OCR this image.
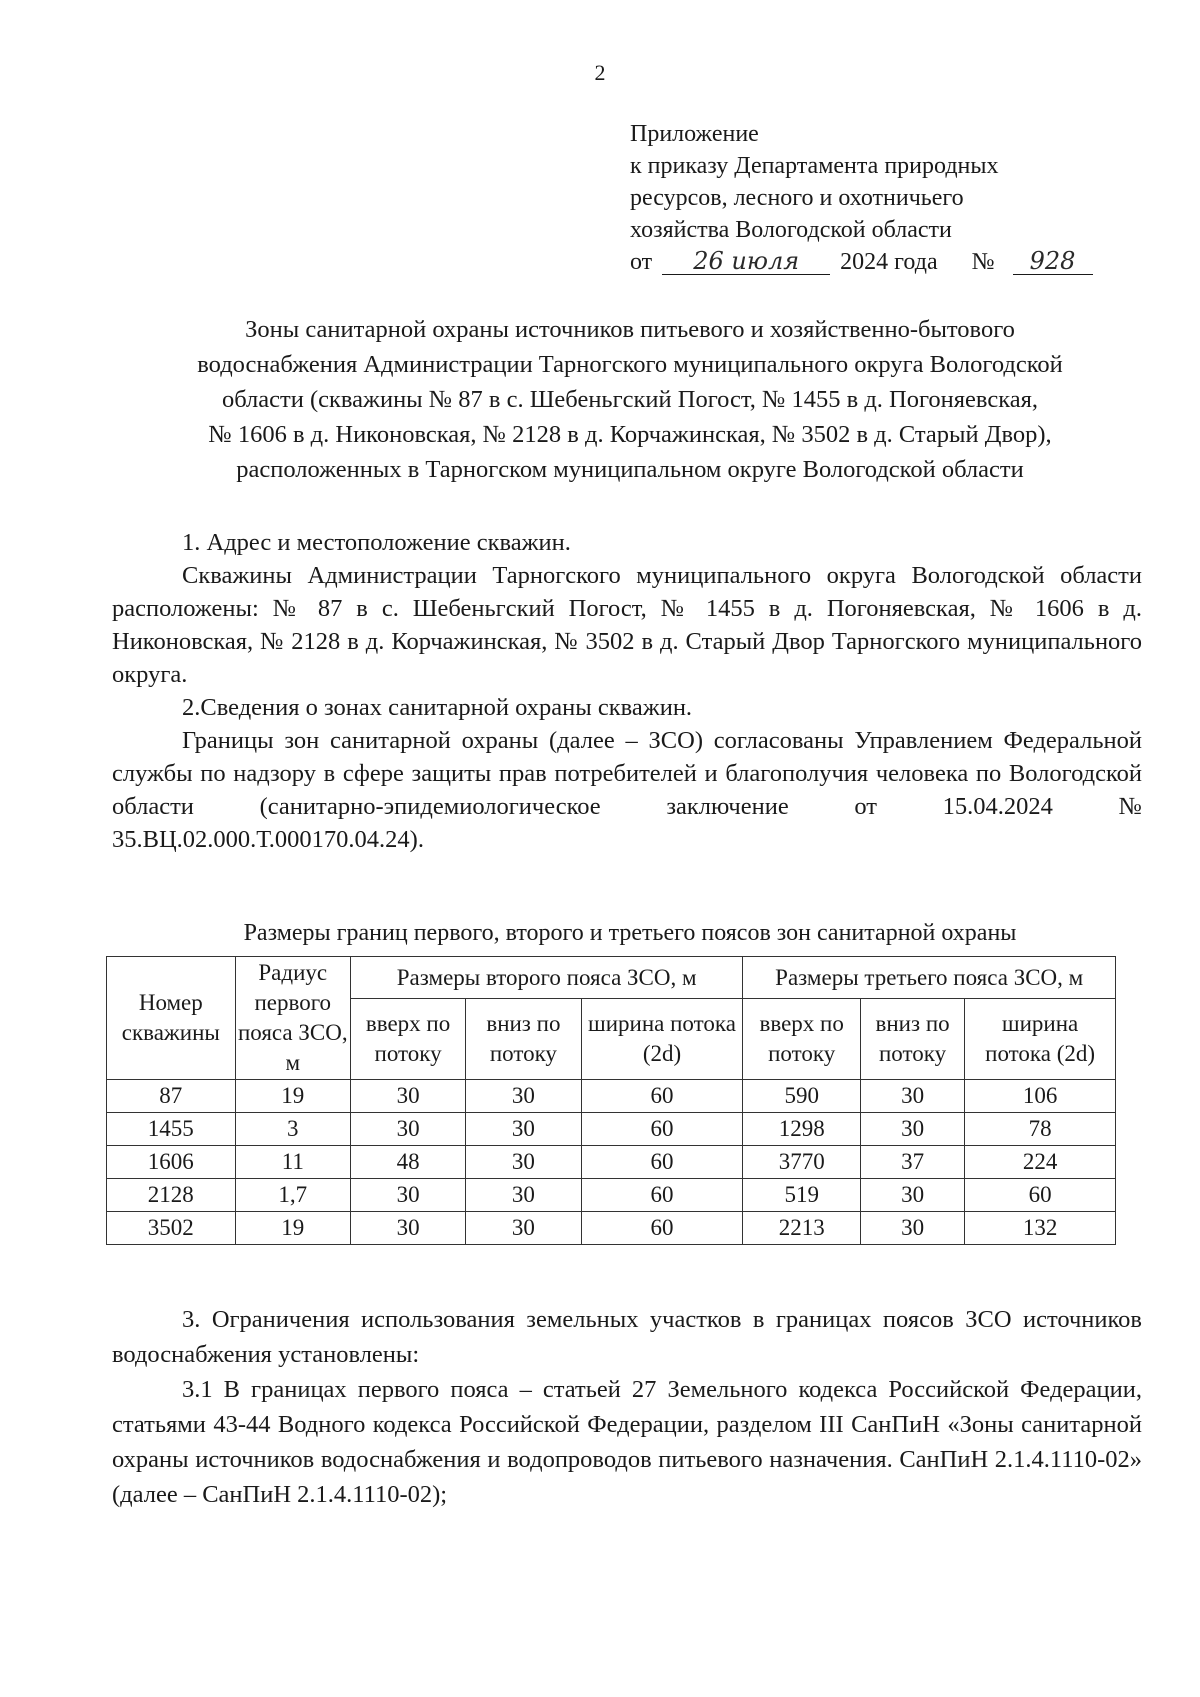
2
Приложение
к приказу Департамента природных
ресурсов, лесного и охотничьего
хозяйства Вологодской области
от 26 июля 2024 года № 928
Зоны санитарной охраны источников питьевого и хозяйственно-бытового
водоснабжения Администрации Тарногского муниципального округа Вологодской
области (скважины № 87 в с. Шебеньгский Погост, № 1455 в д. Погоняевская,
№ 1606 в д. Никоновская, № 2128 в д. Корчажинская, № 3502 в д. Старый Двор),
расположенных в Тарногском муниципальном округе Вологодской области

1. Адрес и местоположение скважин.

Скважины Администрации Тарногского муниципального округа Вологодской области расположены: № 87 в с. Шебеньгский Погост, № 1455 в д. Погоняевская, № 1606 в д. Никоновская, № 2128 в д. Корчажинская, № 3502 в д. Старый Двор Тарногского муниципального округа.

2.Сведения о зонах санитарной охраны скважин.

Границы зон санитарной охраны (далее – ЗСО) согласованы Управлением Федеральной службы по надзору в сфере защиты прав потребителей и благополучия человека по Вологодской области (санитарно-эпидемиологическое заключение от 15.04.2024 № 35.ВЦ.02.000.Т.000170.04.24).

Размеры границ первого, второго и третьего поясов зон санитарной охраны
Номер скважины	Радиус первого пояса ЗСО, м	Размеры второго пояса ЗСО, м			Размеры третьего пояса ЗСО, м		
		вверх по потоку	вниз по потоку	ширина потока (2d)	вверх по потоку	вниз по потоку	ширина потока (2d)
87	19	30	30	60	590	30	106
1455	3	30	30	60	1298	30	78
1606	11	48	30	60	3770	37	224
2128	1,7	30	30	60	519	30	60
3502	19	30	30	60	2213	30	132

3. Ограничения использования земельных участков в границах поясов ЗСО источников водоснабжения установлены:

3.1 В границах первого пояса – статьей 27 Земельного кодекса Российской Федерации, статьями 43-44 Водного кодекса Российской Федерации, разделом III СанПиН «Зоны санитарной охраны источников водоснабжения и водопроводов питьевого назначения. СанПиН 2.1.4.1110-02» (далее – СанПиН 2.1.4.1110-02);
